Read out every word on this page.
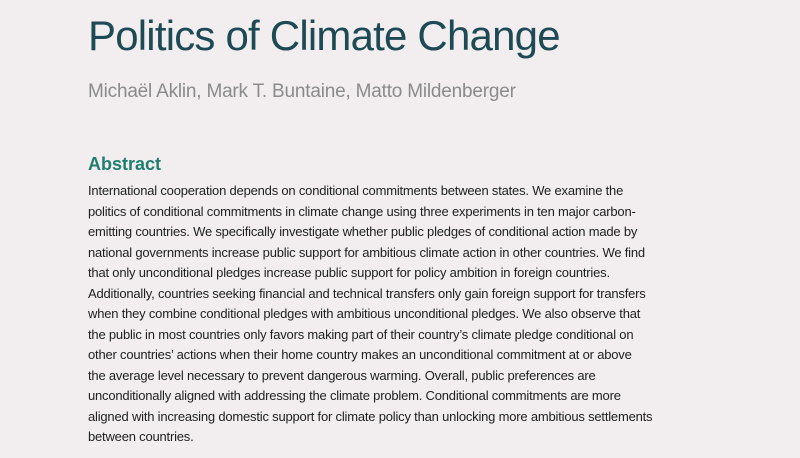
Politics of Climate Change

Michaël Aklin, Mark T. Buntaine, Matto Mildenberger

Abstract
International cooperation depends on conditional commitments between states. We examine the
politics of conditional commitments in climate change using three experiments in ten major carbon-
emitting countries. We specifically investigate whether public pledges of conditional action made by
national governments increase public support for ambitious climate action in other countries. We find
that only unconditional pledges increase public support for policy ambition in foreign countries.
Additionally, countries seeking financial and technical transfers only gain foreign support for transfers
when they combine conditional pledges with ambitious unconditional pledges. We also observe that
the public in most countries only favors making part of their country’s climate pledge conditional on
other countries’ actions when their home country makes an unconditional commitment at or above
the average level necessary to prevent dangerous warming. Overall, public preferences are
unconditionally aligned with addressing the climate problem. Conditional commitments are more
aligned with increasing domestic support for climate policy than unlocking more ambitious settlements
between countries.
